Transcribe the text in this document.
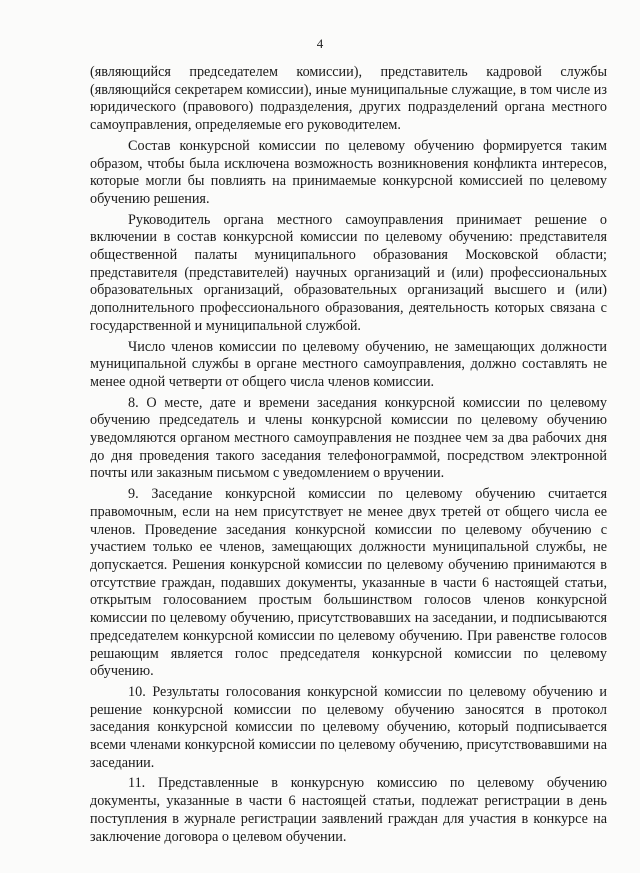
4

(являющийся председателем комиссии), представитель кадровой службы (являющийся секретарем комиссии), иные муниципальные служащие, в том числе из юридического (правового) подразделения, других подразделений органа местного самоуправления, определяемые его руководителем.

Состав конкурсной комиссии по целевому обучению формируется таким образом, чтобы была исключена возможность возникновения конфликта интересов, которые могли бы повлиять на принимаемые конкурсной комиссией по целевому обучению решения.

Руководитель органа местного самоуправления принимает решение о включении в состав конкурсной комиссии по целевому обучению: представителя общественной палаты муниципального образования Московской области; представителя (представителей) научных организаций и (или) профессиональных образовательных организаций, образовательных организаций высшего и (или) дополнительного профессионального образования, деятельность которых связана с государственной и муниципальной службой.

Число членов комиссии по целевому обучению, не замещающих должности муниципальной службы в органе местного самоуправления, должно составлять не менее одной четверти от общего числа членов комиссии.

8. О месте, дате и времени заседания конкурсной комиссии по целевому обучению председатель и члены конкурсной комиссии по целевому обучению уведомляются органом местного самоуправления не позднее чем за два рабочих дня до дня проведения такого заседания телефонограммой, посредством электронной почты или заказным письмом с уведомлением о вручении.

9. Заседание конкурсной комиссии по целевому обучению считается правомочным, если на нем присутствует не менее двух третей от общего числа ее членов. Проведение заседания конкурсной комиссии по целевому обучению с участием только ее членов, замещающих должности муниципальной службы, не допускается. Решения конкурсной комиссии по целевому обучению принимаются в отсутствие граждан, подавших документы, указанные в части 6 настоящей статьи, открытым голосованием простым большинством голосов членов конкурсной комиссии по целевому обучению, присутствовавших на заседании, и подписываются председателем конкурсной комиссии по целевому обучению. При равенстве голосов решающим является голос председателя конкурсной комиссии по целевому обучению.

10. Результаты голосования конкурсной комиссии по целевому обучению и решение конкурсной комиссии по целевому обучению заносятся в протокол заседания конкурсной комиссии по целевому обучению, который подписывается всеми членами конкурсной комиссии по целевому обучению, присутствовавшими на заседании.

11. Представленные в конкурсную комиссию по целевому обучению документы, указанные в части 6 настоящей статьи, подлежат регистрации в день поступления в журнале регистрации заявлений граждан для участия в конкурсе на заключение договора о целевом обучении.
